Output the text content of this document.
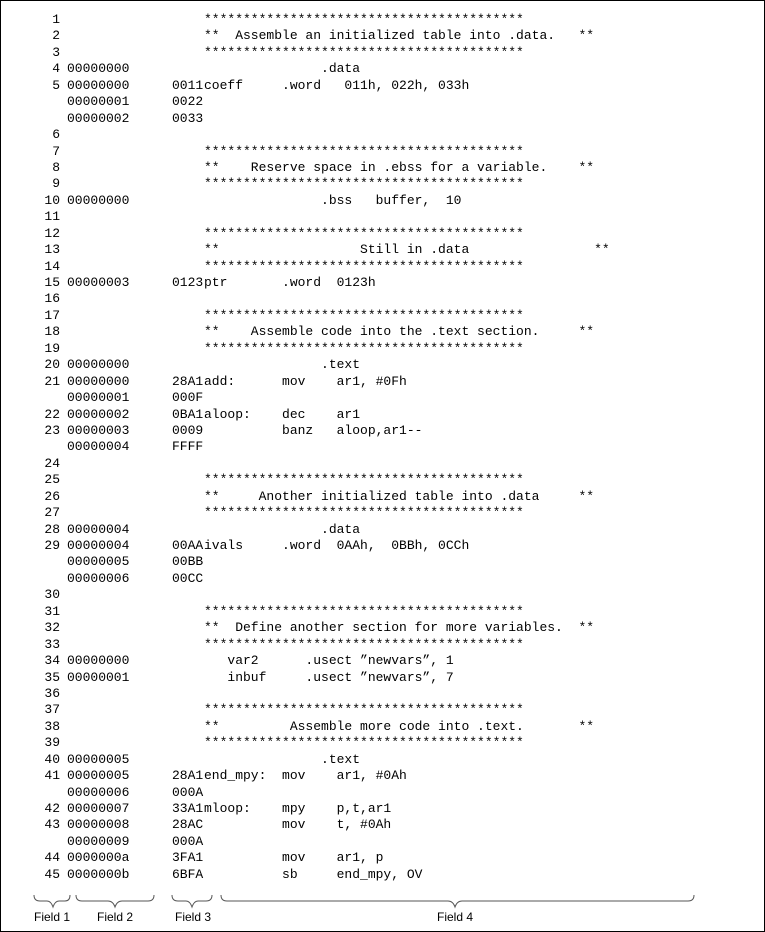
1	*****************************************
2	**  Assemble an initialized table into .data.   **
3	*****************************************
4 00000000	.data
5 00000000	0011 coeff     .word   011h, 022h, 033h
00000001	0022
00000002	0033
6
7	*****************************************
8	**    Reserve space in .ebss for a variable.    **
9	*****************************************
10 00000000	.bss   buffer,  10
11
12	*****************************************
13	**                  Still in .data                **
14	*****************************************
15 00000003	0123 ptr       .word  0123h
16
17	*****************************************
18	**    Assemble code into the .text section.     **
19	*****************************************
20 00000000	.text
21 00000000	28A1 add:      mov    ar1, #0Fh
00000001	000F
22 00000002	0BA1 aloop:    dec    ar1
23 00000003	0009 banz   aloop,ar1--
00000004	FFFF
24
25	*****************************************
26	**     Another initialized table into .data     **
27	*****************************************
28 00000004	.data
29 00000004	00AA ivals     .word  0AAh,  0BBh, 0CCh
00000005	00BB
00000006	00CC
30
31	*****************************************
32	**  Define another section for more variables.  **
33	*****************************************
34 00000000	var2      .usect ”newvars”, 1
35 00000001	inbuf     .usect ”newvars”, 7
36
37	*****************************************
38	**         Assemble more code into .text.       **
39	*****************************************
40 00000005	.text
41 00000005	28A1 end_mpy:  mov    ar1, #0Ah
00000006	000A
42 00000007	33A1 mloop:    mpy    p,t,ar1
43 00000008	28AC mov    t, #0Ah
00000009	000A
44 0000000a	3FA1 mov    ar1, p
45 0000000b	6BFA sb     end_mpy, OV
Field 1	Field 2	Field 3	Field 4
